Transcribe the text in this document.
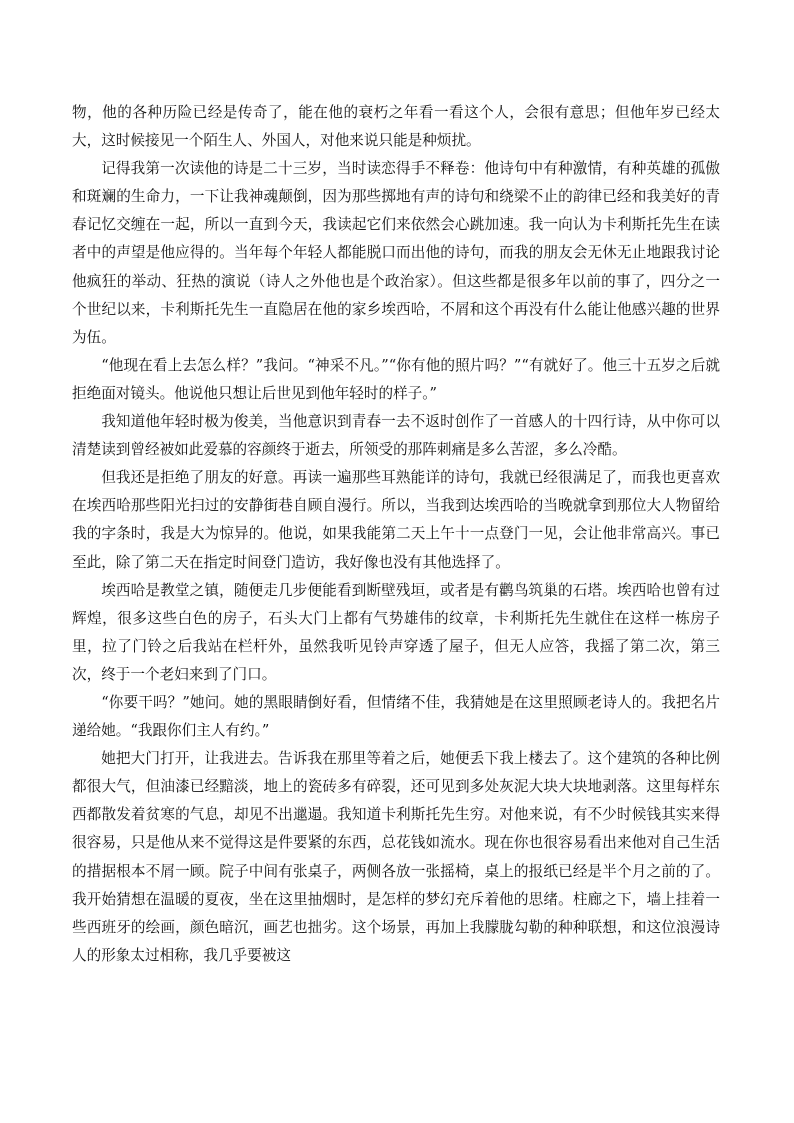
物，他的各种历险已经是传奇了，能在他的衰朽之年看一看这个人，会很有意思；但他年岁已经太大，这时候接见一个陌生人、外国人，对他来说只能是种烦扰。

记得我第一次读他的诗是二十三岁，当时读恋得手不释卷：他诗句中有种激情，有种英雄的孤傲和斑斓的生命力，一下让我神魂颠倒，因为那些掷地有声的诗句和绕梁不止的韵律已经和我美好的青春记忆交缠在一起，所以一直到今天，我读起它们来依然会心跳加速。我一向认为卡利斯托先生在读者中的声望是他应得的。当年每个年轻人都能脱口而出他的诗句，而我的朋友会无休无止地跟我讨论他疯狂的举动、狂热的演说（诗人之外他也是个政治家）。但这些都是很多年以前的事了，四分之一个世纪以来，卡利斯托先生一直隐居在他的家乡埃西哈，不屑和这个再没有什么能让他感兴趣的世界为伍。

“他现在看上去怎么样？”我问。“神采不凡。”“你有他的照片吗？”“有就好了。他三十五岁之后就拒绝面对镜头。他说他只想让后世见到他年轻时的样子。”

我知道他年轻时极为俊美，当他意识到青春一去不返时创作了一首感人的十四行诗，从中你可以清楚读到曾经被如此爱慕的容颜终于逝去，所领受的那阵刺痛是多么苦涩，多么冷酷。

但我还是拒绝了朋友的好意。再读一遍那些耳熟能详的诗句，我就已经很满足了，而我也更喜欢在埃西哈那些阳光扫过的安静街巷自顾自漫行。所以，当我到达埃西哈的当晚就拿到那位大人物留给我的字条时，我是大为惊异的。他说，如果我能第二天上午十一点登门一见，会让他非常高兴。事已至此，除了第二天在指定时间登门造访，我好像也没有其他选择了。

埃西哈是教堂之镇，随便走几步便能看到断壁残垣，或者是有鹳鸟筑巢的石塔。埃西哈也曾有过辉煌，很多这些白色的房子，石头大门上都有气势雄伟的纹章，卡利斯托先生就住在这样一栋房子里，拉了门铃之后我站在栏杆外，虽然我听见铃声穿透了屋子，但无人应答，我摇了第二次，第三次，终于一个老妇来到了门口。

“你要干吗？”她问。她的黑眼睛倒好看，但情绪不佳，我猜她是在这里照顾老诗人的。我把名片递给她。“我跟你们主人有约。”

她把大门打开，让我进去。告诉我在那里等着之后，她便丢下我上楼去了。这个建筑的各种比例都很大气，但油漆已经黯淡，地上的瓷砖多有碎裂，还可见到多处灰泥大块大块地剥落。这里每样东西都散发着贫寒的气息，却见不出邋遢。我知道卡利斯托先生穷。对他来说，有不少时候钱其实来得很容易，只是他从来不觉得这是件要紧的东西，总花钱如流水。现在你也很容易看出来他对自己生活的措据根本不屑一顾。院子中间有张桌子，两侧各放一张摇椅，桌上的报纸已经是半个月之前的了。我开始猜想在温暖的夏夜，坐在这里抽烟时，是怎样的梦幻充斥着他的思绪。柱廊之下，墙上挂着一些西班牙的绘画，颜色暗沉，画艺也拙劣。这个场景，再加上我朦胧勾勒的种种联想，和这位浪漫诗人的形象太过相称，我几乎要被这
